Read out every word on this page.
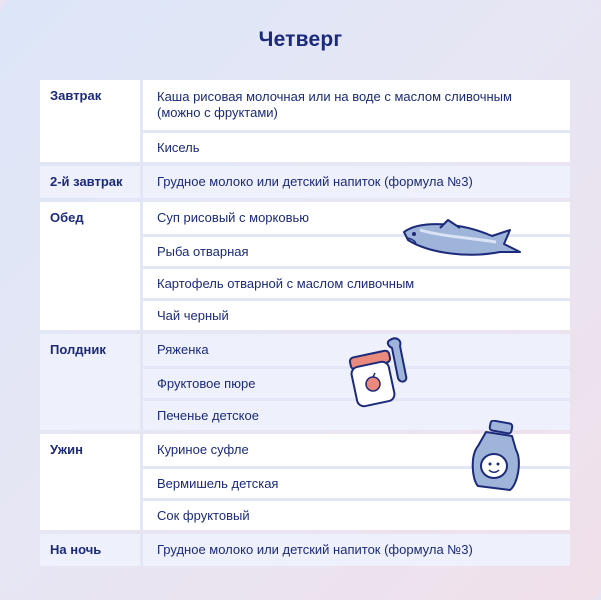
Четверг
Завтрак	Каша рисовая молочная или на воде с маслом сливочным (можно с фруктами)
Кисель
2-й завтрак	Грудное молоко или детский напиток (формула №3)
Обед	Суп рисовый с морковью
Рыба отварная
Картофель отварной с маслом сливочным
Чай черный
Полдник	Ряженка
Фруктовое пюре
Печенье детское
Ужин	Куриное суфле
Вермишель детская
Сок фруктовый
На ночь	Грудное молоко или детский напиток (формула №3)
